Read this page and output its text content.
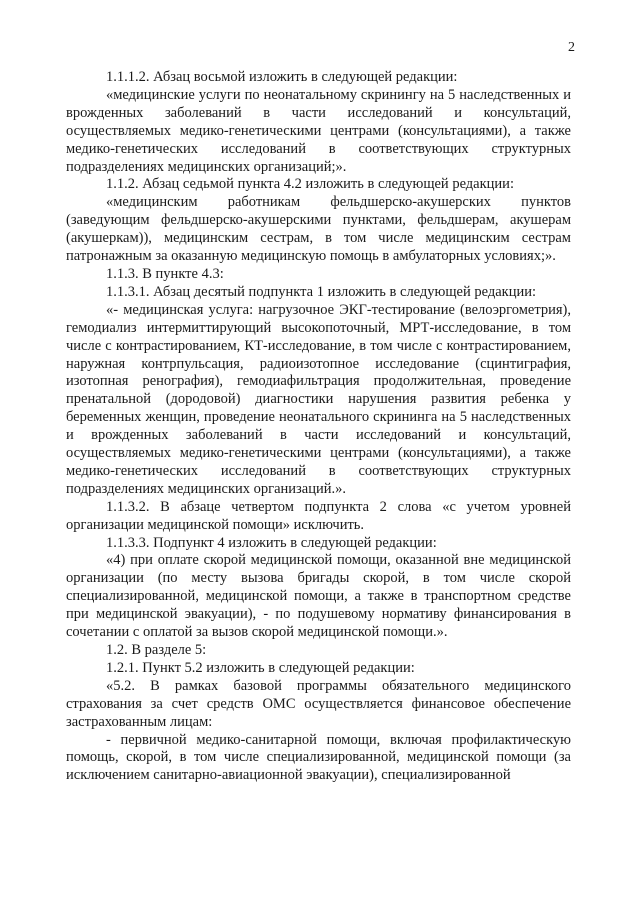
2

1.1.1.2. Абзац восьмой изложить в следующей редакции:

«медицинские услуги по неонатальному скринингу на 5 наследственных и врожденных заболеваний в части исследований и консультаций, осуществляемых медико-генетическими центрами (консультациями), а также медико-генетических исследований в соответствующих структурных подразделениях медицинских организаций;».

1.1.2. Абзац седьмой пункта 4.2 изложить в следующей редакции:

«медицинским работникам фельдшерско-акушерских пунктов (заведующим фельдшерско-акушерскими пунктами, фельдшерам, акушерам (акушеркам)), медицинским сестрам, в том числе медицинским сестрам патронажным за оказанную медицинскую помощь в амбулаторных условиях;».

1.1.3. В пункте 4.3:

1.1.3.1. Абзац десятый подпункта 1 изложить в следующей редакции:

«- медицинская услуга: нагрузочное ЭКГ-тестирование (велоэргометрия), гемодиализ интермиттирующий высокопоточный, МРТ-исследование, в том числе с контрастированием, КТ-исследование, в том числе с контрастированием, наружная контрпульсация, радиоизотопное исследование (сцинтиграфия, изотопная ренография), гемодиафильтрация продолжительная, проведение пренатальной (дородовой) диагностики нарушения развития ребенка у беременных женщин, проведение неонатального скрининга на 5 наследственных и врожденных заболеваний в части исследований и консультаций, осуществляемых медико-генетическими центрами (консультациями), а также медико-генетических исследований в соответствующих структурных подразделениях медицинских организаций.».

1.1.3.2. В абзаце четвертом подпункта 2 слова «с учетом уровней организации медицинской помощи» исключить.

1.1.3.3. Подпункт 4 изложить в следующей редакции:

«4) при оплате скорой медицинской помощи, оказанной вне медицинской организации (по месту вызова бригады скорой, в том числе скорой специализированной, медицинской помощи, а также в транспортном средстве при медицинской эвакуации), - по подушевому нормативу финансирования в сочетании с оплатой за вызов скорой медицинской помощи.».

1.2. В разделе 5:

1.2.1. Пункт 5.2 изложить в следующей редакции:

«5.2. В рамках базовой программы обязательного медицинского страхования за счет средств ОМС осуществляется финансовое обеспечение застрахованным лицам:

- первичной медико-санитарной помощи, включая профилактическую помощь, скорой, в том числе специализированной, медицинской помощи (за исключением санитарно-авиационной эвакуации), специализированной
